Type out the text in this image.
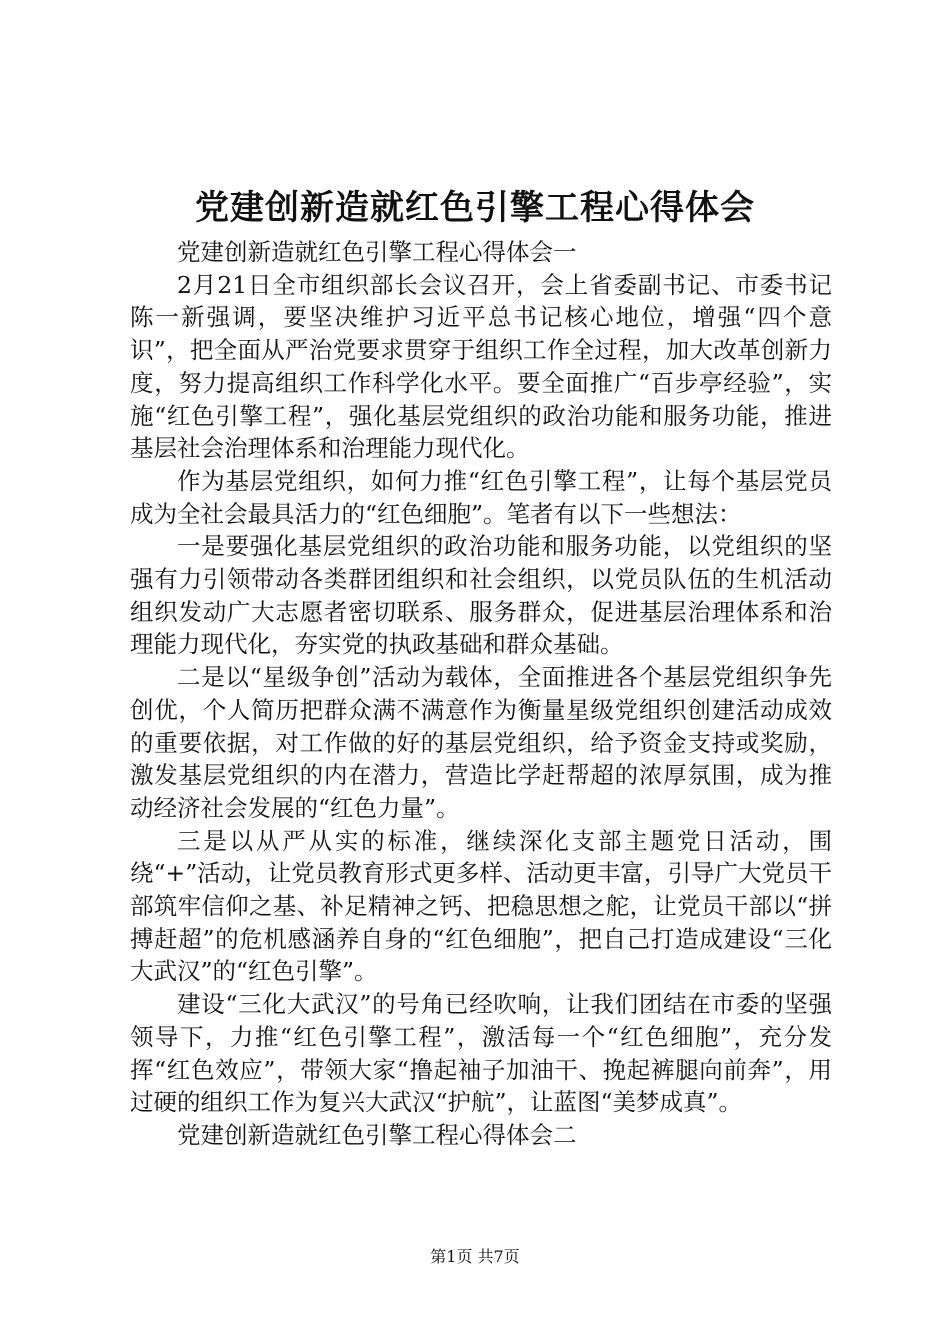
党建创新造就红色引擎工程心得体会

党建创新造就红色引擎工程心得体会一

2月21日全市组织部长会议召开，会上省委副书记、市委书记陈一新强调，要坚决维护习近平总书记核心地位，增强“四个意识”，把全面从严治党要求贯穿于组织工作全过程，加大改革创新力度，努力提高组织工作科学化水平。要全面推广“百步亭经验”，实施“红色引擎工程”，强化基层党组织的政治功能和服务功能，推进基层社会治理体系和治理能力现代化。

作为基层党组织，如何力推“红色引擎工程”，让每个基层党员成为全社会最具活力的“红色细胞”。笔者有以下一些想法：

一是要强化基层党组织的政治功能和服务功能，以党组织的坚强有力引领带动各类群团组织和社会组织，以党员队伍的生机活动组织发动广大志愿者密切联系、服务群众，促进基层治理体系和治理能力现代化，夯实党的执政基础和群众基础。

二是以“星级争创”活动为载体，全面推进各个基层党组织争先创优，个人简历把群众满不满意作为衡量星级党组织创建活动成效的重要依据，对工作做的好的基层党组织，给予资金支持或奖励，激发基层党组织的内在潜力，营造比学赶帮超的浓厚氛围，成为推动经济社会发展的“红色力量”。

三是以从严从实的标准，继续深化支部主题党日活动，围绕“+”活动，让党员教育形式更多样、活动更丰富，引导广大党员干部筑牢信仰之基、补足精神之钙、把稳思想之舵，让党员干部以“拼搏赶超”的危机感涵养自身的“红色细胞”，把自己打造成建设“三化大武汉”的“红色引擎”。

建设“三化大武汉”的号角已经吹响，让我们团结在市委的坚强领导下，力推“红色引擎工程”，激活每一个“红色细胞”，充分发挥“红色效应”，带领大家“撸起袖子加油干、挽起裤腿向前奔”，用过硬的组织工作为复兴大武汉“护航”，让蓝图“美梦成真”。

党建创新造就红色引擎工程心得体会二

第1页 共7页
